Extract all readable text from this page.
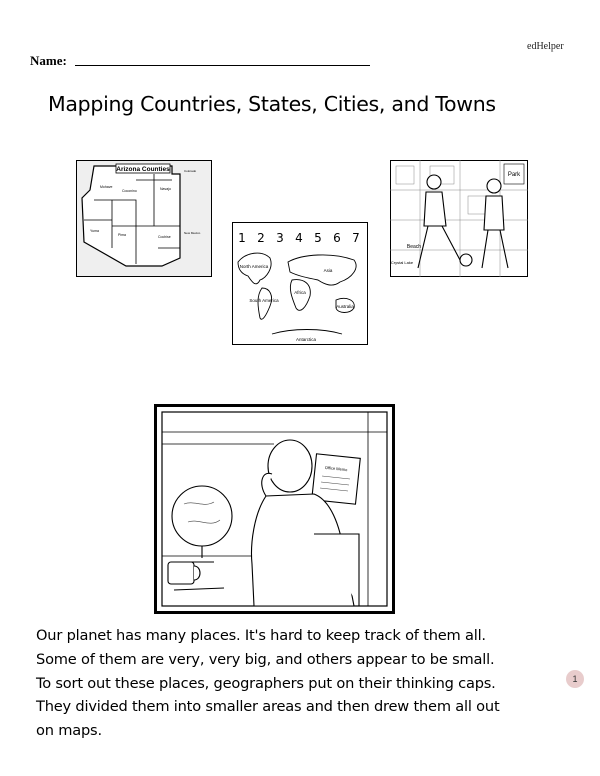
edHelper
Name:
Mapping Countries, States, Cities, and Towns
Arizona Counties
Mohave
Coconino	Navajo
Yuma
Pima	Cochise
New Mexico
Colorado
1 2 3 4 5 6 7
North America
Asia
Africa
South America
Australia
Antarctica
Park
Beach
Crystal Lake
Office Memo
Our planet has many places. It's hard to keep track of them all.
Some of them are very, very big, and others appear to be small.
To sort out these places, geographers put on their thinking caps.
They divided them into smaller areas and then drew them all out
on maps.
1
